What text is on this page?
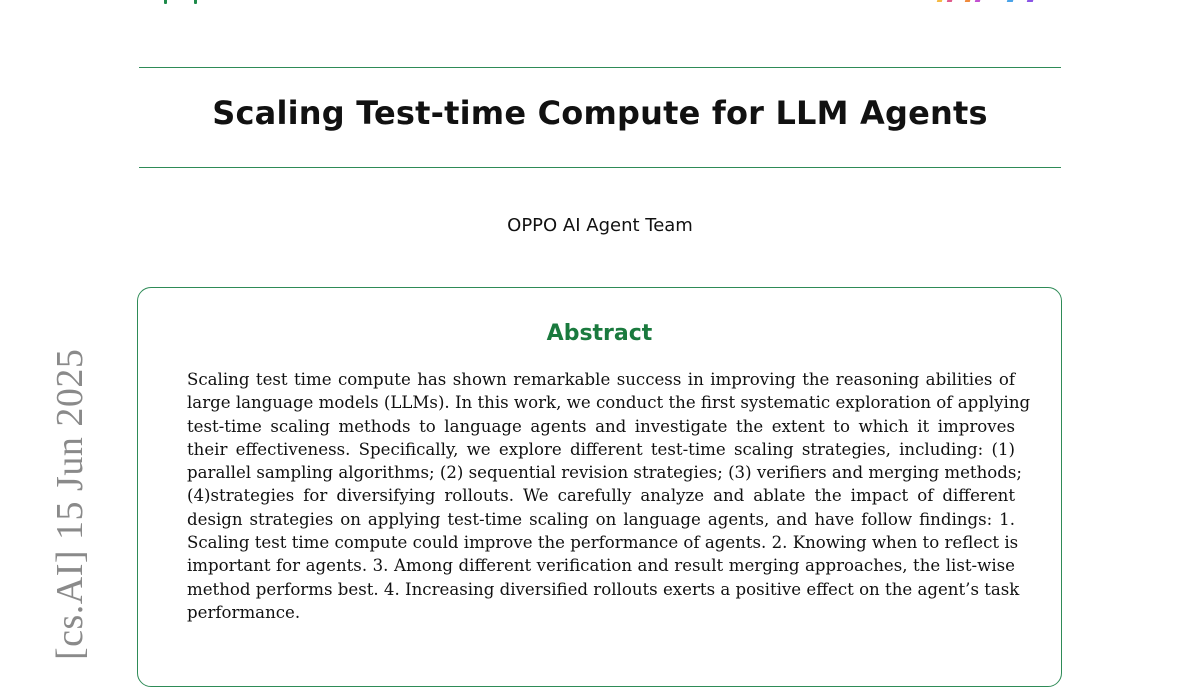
Scaling Test-time Compute for LLM Agents
OPPO AI Agent Team
Abstract
Scaling test time compute has shown remarkable success in improving the reasoning abilities of
large language models (LLMs). In this work, we conduct the first systematic exploration of applying
test-time scaling methods to language agents and investigate the extent to which it improves
their effectiveness. Specifically, we explore different test-time scaling strategies, including: (1)
parallel sampling algorithms; (2) sequential revision strategies; (3) verifiers and merging methods;
(4)strategies for diversifying rollouts. We carefully analyze and ablate the impact of different
design strategies on applying test-time scaling on language agents, and have follow findings: 1.
Scaling test time compute could improve the performance of agents. 2. Knowing when to reflect is
important for agents. 3. Among different verification and result merging approaches, the list-wise
method performs best. 4. Increasing diversified rollouts exerts a positive effect on the agent’s task
performance.
[cs.AI] 15 Jun 2025
